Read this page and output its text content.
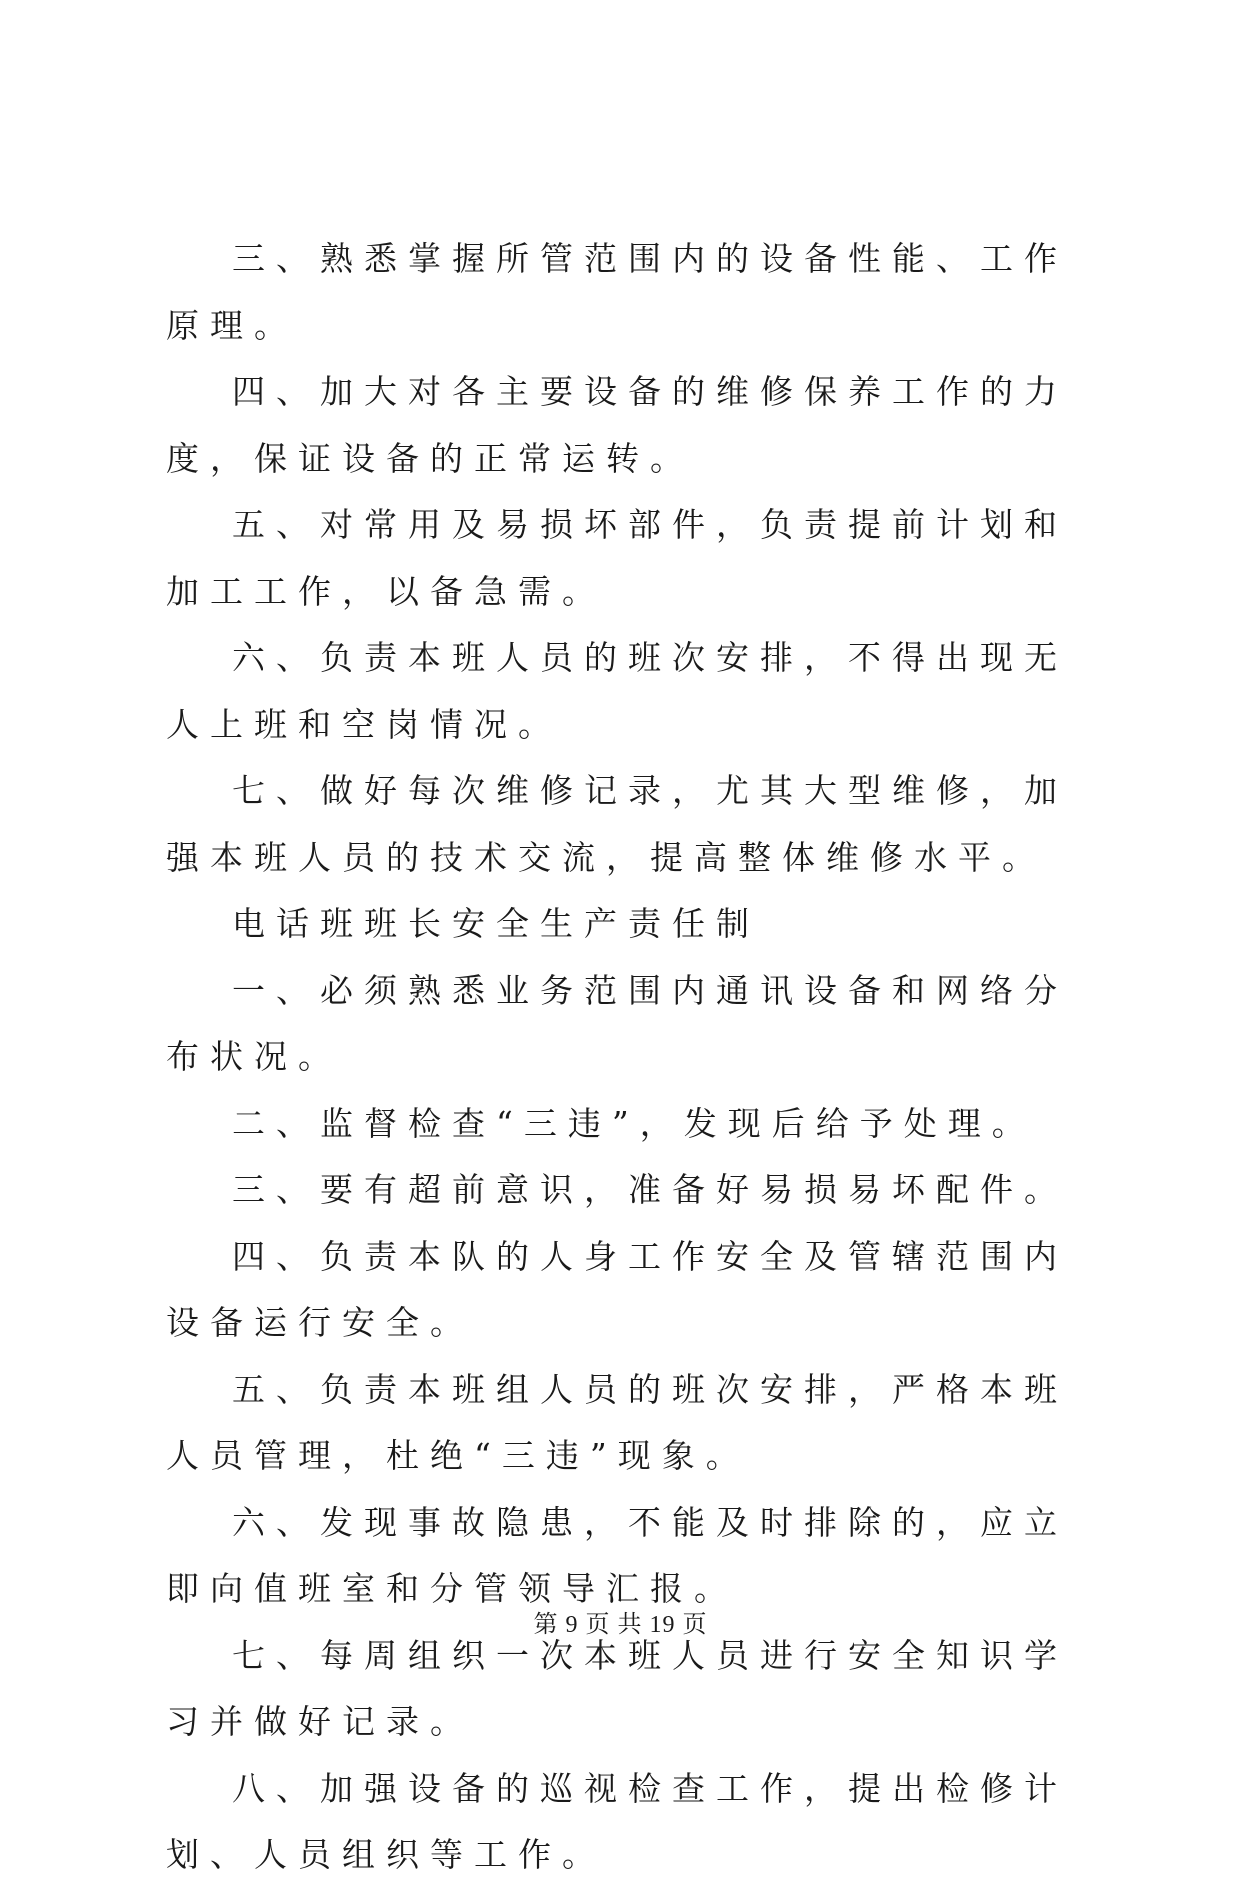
三、熟悉掌握所管范围内的设备性能、工作原理。

四、加大对各主要设备的维修保养工作的力度，保证设备的正常运转。

五、对常用及易损坏部件，负责提前计划和加工工作，以备急需。

六、负责本班人员的班次安排，不得出现无人上班和空岗情况。

七、做好每次维修记录，尤其大型维修，加强本班人员的技术交流，提高整体维修水平。

电话班班长安全生产责任制

一、必须熟悉业务范围内通讯设备和网络分布状况。

二、监督检查“三违”，发现后给予处理。

三、要有超前意识，准备好易损易坏配件。

四、负责本队的人身工作安全及管辖范围内设备运行安全。

五、负责本班组人员的班次安排，严格本班人员管理，杜绝“三违”现象。

六、发现事故隐患，不能及时排除的，应立即向值班室和分管领导汇报。

七、每周组织一次本班人员进行安全知识学习并做好记录。

八、加强设备的巡视检查工作，提出检修计划、人员组织等工作。

第 9 页 共 19 页
